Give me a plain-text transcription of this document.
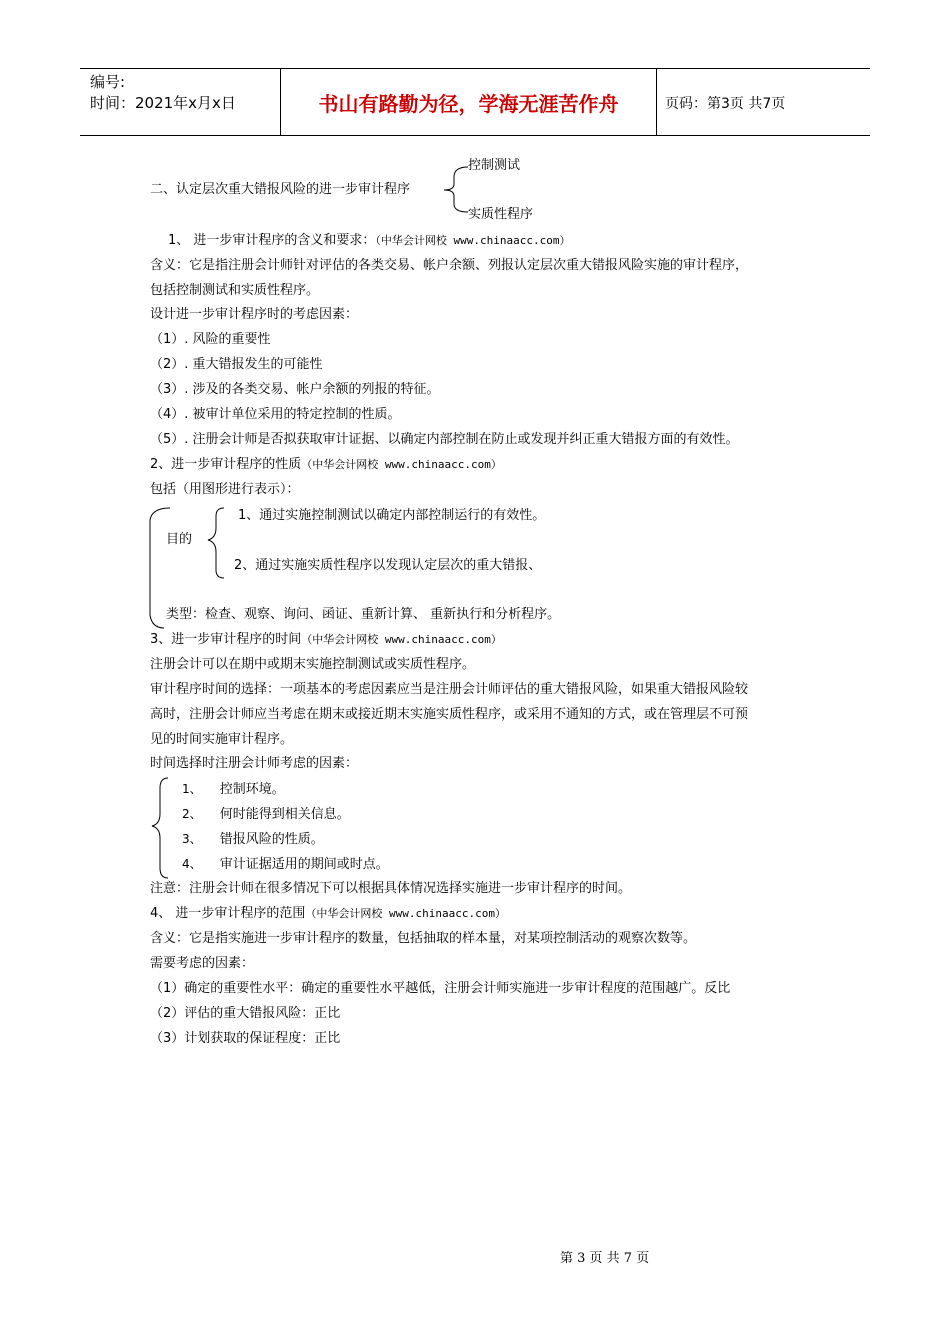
编号:
时间：2021年x月x日	书山有路勤为径，学海无涯苦作舟	页码：第3页 共7页
二、认定层次重大错报风险的进一步审计程序
控制测试
实质性程序
1、 进一步审计程序的含义和要求：（中华会计网校 www.chinaacc.com）
含义：它是指注册会计师针对评估的各类交易、帐户余额、列报认定层次重大错报风险实施的审计程序，
包括控制测试和实质性程序。
设计进一步审计程序时的考虑因素：
（1）. 风险的重要性
（2）. 重大错报发生的可能性
（3）. 涉及的各类交易、帐户余额的列报的特征。
（4）. 被审计单位采用的特定控制的性质。
（5）. 注册会计师是否拟获取审计证据、以确定内部控制在防止或发现并纠正重大错报方面的有效性。
2、进一步审计程序的性质（中华会计网校 www.chinaacc.com）
包括（用图形进行表示）：
目的
1、通过实施控制测试以确定内部控制运行的有效性。
2、通过实施实质性程序以发现认定层次的重大错报、
类型：检查、观察、询问、函证、重新计算、 重新执行和分析程序。
3、进一步审计程序的时间（中华会计网校 www.chinaacc.com）
注册会计可以在期中或期末实施控制测试或实质性程序。
审计程序时间的选择：一项基本的考虑因素应当是注册会计师评估的重大错报风险，如果重大错报风险较
高时，注册会计师应当考虑在期末或接近期末实施实质性程序，或采用不通知的方式，或在管理层不可预
见的时间实施审计程序。
时间选择时注册会计师考虑的因素：
1、 控制环境。
2、 何时能得到相关信息。
3、 错报风险的性质。
4、 审计证据适用的期间或时点。
注意：注册会计师在很多情况下可以根据具体情况选择实施进一步审计程序的时间。
4、 进一步审计程序的范围（中华会计网校 www.chinaacc.com）
含义：它是指实施进一步审计程序的数量，包括抽取的样本量，对某项控制活动的观察次数等。
需要考虑的因素：
（1）确定的重要性水平：确定的重要性水平越低，注册会计师实施进一步审计程度的范围越广。反比
（2）评估的重大错报风险：正比
（3）计划获取的保证程度：正比
第 3 页 共 7 页
